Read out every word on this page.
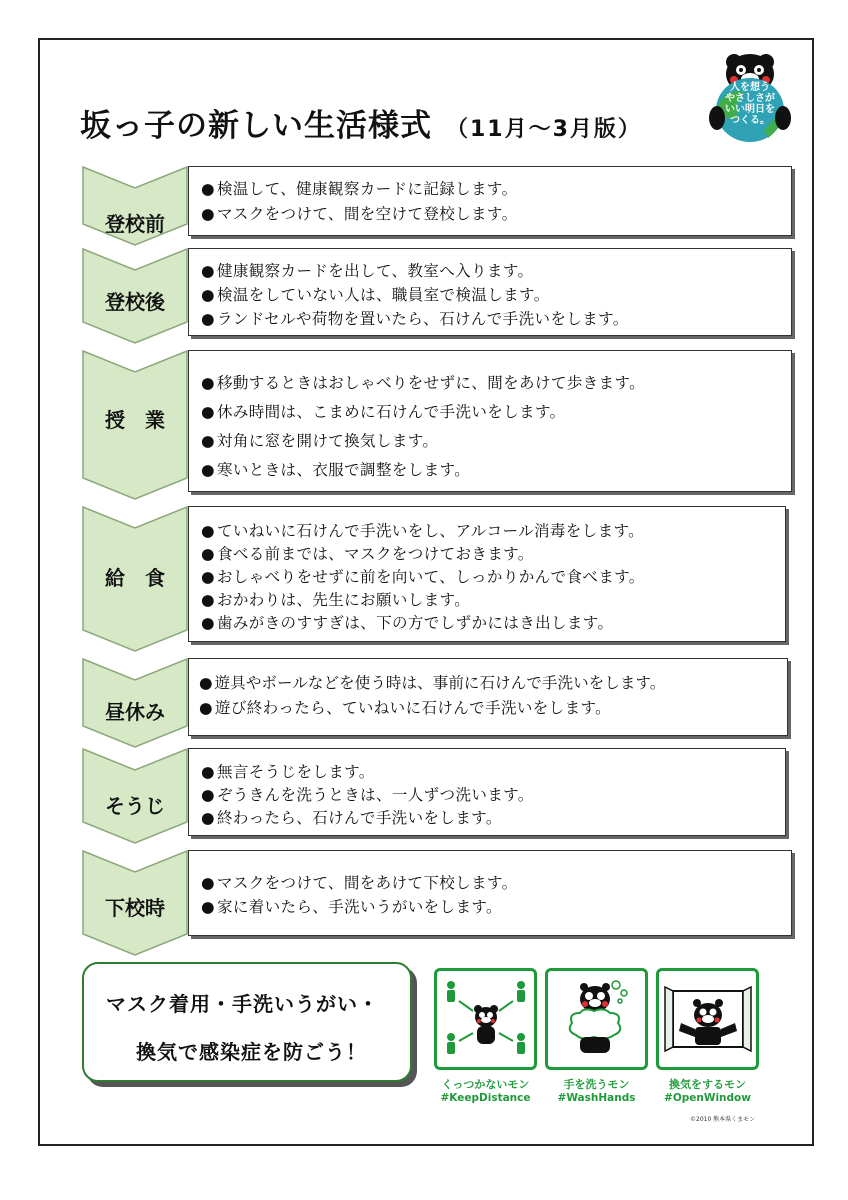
坂っ子の新しい生活様式 （11月～3月版）
人を想う
やさしさが
いい明日を
つくる。
登校前
● 検温して、健康観察カードに記録します。
● マスクをつけて、間を空けて登校します。
登校後
● 健康観察カードを出して、教室へ入ります。
● 検温をしていない人は、職員室で検温します。
● ランドセルや荷物を置いたら、石けんで手洗いをします。
授　業
● 移動するときはおしゃべりをせずに、間をあけて歩きます。
● 休み時間は、こまめに石けんで手洗いをします。
● 対角に窓を開けて換気します。
● 寒いときは、衣服で調整をします。
給　食
● ていねいに石けんで手洗いをし、アルコール消毒をします。
● 食べる前までは、マスクをつけておきます。
● おしゃべりをせずに前を向いて、しっかりかんで食べます。
● おかわりは、先生にお願いします。
● 歯みがきのすすぎは、下の方でしずかにはき出します。
昼休み
● 遊具やボールなどを使う時は、事前に石けんで手洗いをします。
● 遊び終わったら、ていねいに石けんで手洗いをします。
そうじ
● 無言そうじをします。
● ぞうきんを洗うときは、一人ずつ洗います。
● 終わったら、石けんで手洗いをします。
下校時
● マスクをつけて、間をあけて下校します。
● 家に着いたら、手洗いうがいをします。
マスク着用・手洗いうがい・
換気で感染症を防ごう！
くっつかないモン
#KeepDistance
手を洗うモン
#WashHands
換気をするモン
#OpenWindow
©2010 熊本県くまモン
